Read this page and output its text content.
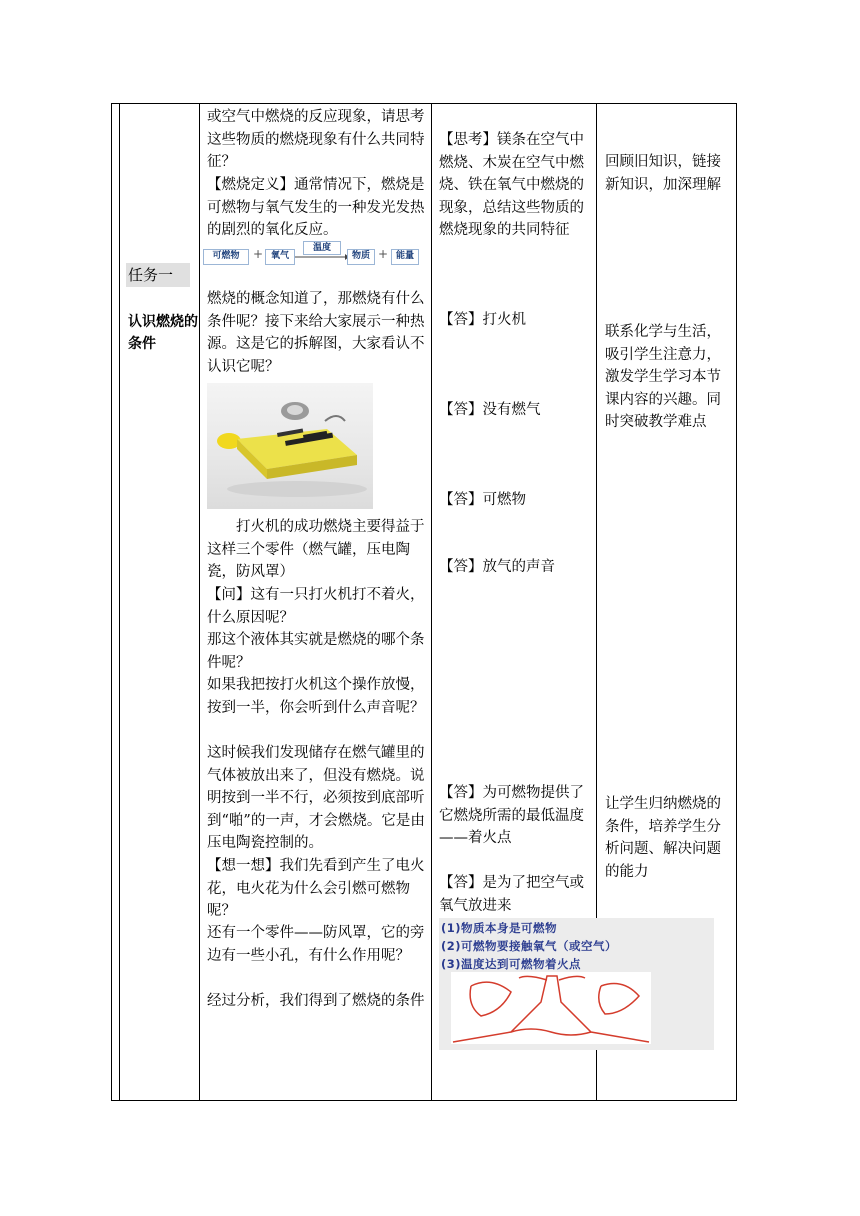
任务一
认识燃烧的条件
或空气中燃烧的反应现象，请思考这些物质的燃烧现象有什么共同特征？
【燃烧定义】通常情况下，燃烧是可燃物与氧气发生的一种发光发热的剧烈的氧化反应。
可燃物	+ 氧气
温度
物质 + 能量
燃烧的概念知道了，那燃烧有什么条件呢？接下来给大家展示一种热源。这是它的拆解图，大家看认不认识它呢？
打火机的成功燃烧主要得益于这样三个零件（燃气罐，压电陶瓷，防风罩）
【问】这有一只打火机打不着火，什么原因呢？
那这个液体其实就是燃烧的哪个条件呢？
如果我把按打火机这个操作放慢，按到一半，你会听到什么声音呢？
这时候我们发现储存在燃气罐里的气体被放出来了，但没有燃烧。说明按到一半不行，必须按到底部听到“啪”的一声，才会燃烧。它是由压电陶瓷控制的。
【想一想】我们先看到产生了电火花，电火花为什么会引燃可燃物呢？
还有一个零件——防风罩，它的旁边有一些小孔，有什么作用呢？
经过分析，我们得到了燃烧的条件
【思考】镁条在空气中燃烧、木炭在空气中燃烧、铁在氧气中燃烧的现象，总结这些物质的燃烧现象的共同特征
【答】打火机
【答】没有燃气
【答】可燃物
【答】放气的声音
【答】为可燃物提供了它燃烧所需的最低温度——着火点
【答】是为了把空气或氧气放进来
(1)物质本身是可燃物
(2)可燃物要接触氧气（或空气）
(3)温度达到可燃物着火点
回顾旧知识，链接新知识，加深理解
联系化学与生活，吸引学生注意力，激发学生学习本节课内容的兴趣。同时突破教学难点
让学生归纳燃烧的条件，培养学生分析问题、解决问题的能力
